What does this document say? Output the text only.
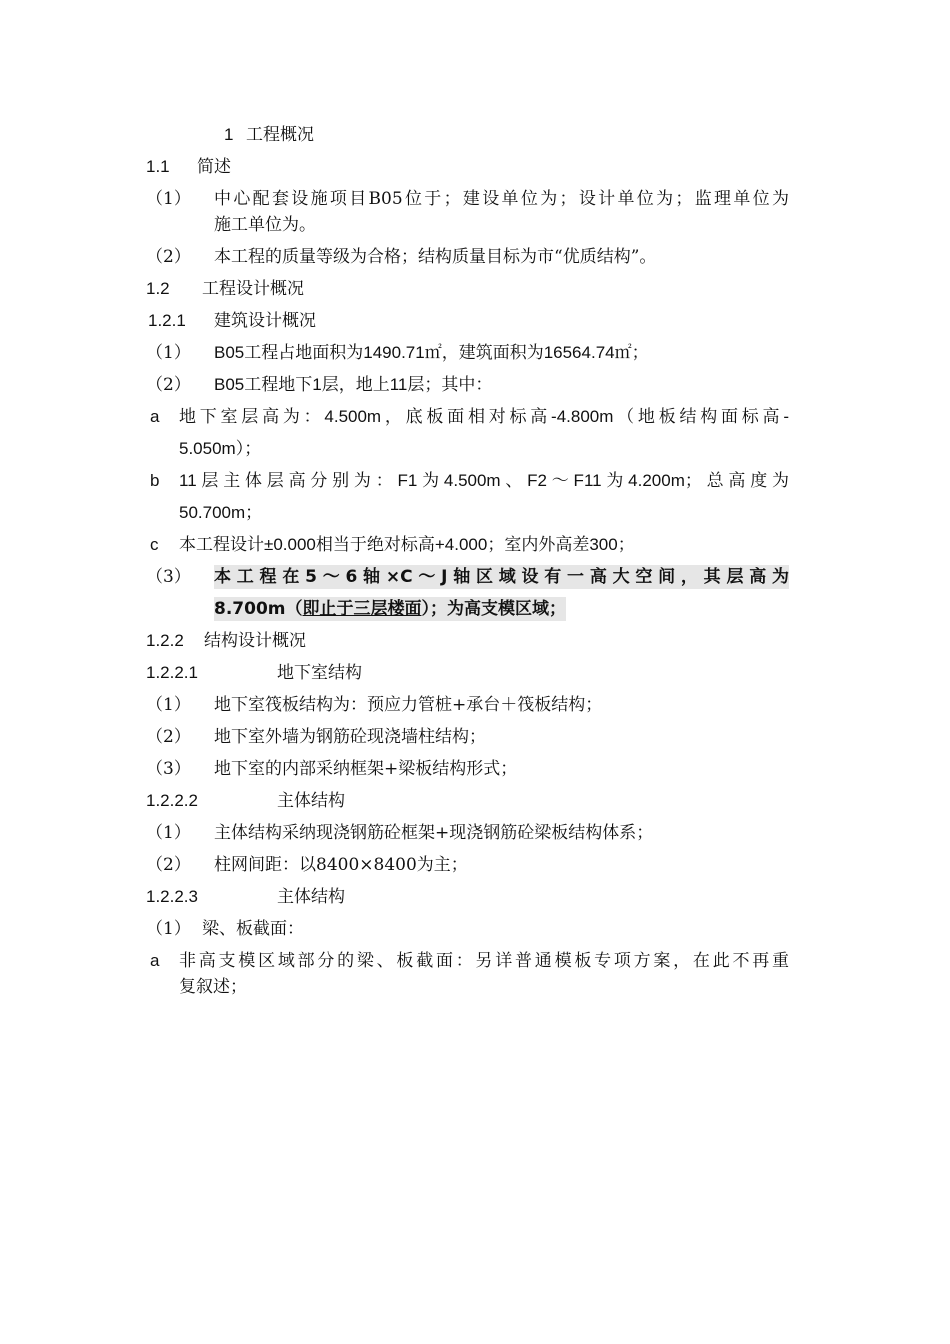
1 工程概况
1.1 简述
（1） 中心配套设施项目B05位于；建设单位为；设计单位为；监理单位为
施工单位为。
（2） 本工程的质量等级为合格；结构质量目标为市“优质结构”。
1.2 工程设计概况
1.2.1 建筑设计概况
（1） B05工程占地面积为1490.71㎡，建筑面积为16564.74㎡；
（2） B05工程地下1层，地上11层；其中：
a 地下室层高为：4.500m，底板面相对标高-4.800m（地板结构面标高-
5.050m）；
b 11层主体层高分别为：F1为4.500m、F2～F11为4.200m；总高度为
50.700m；
c 本工程设计±0.000相当于绝对标高+4.000；室内外高差300；
（3） 本工程在5～6轴×C～J轴区域设有一高大空间，其层高为
8.700m（即止于三层楼面）；为高支模区域；
1.2.2 结构设计概况
1.2.2.1	地下室结构
（1） 地下室筏板结构为：预应力管桩+承台＋筏板结构；
（2） 地下室外墙为钢筋砼现浇墙柱结构；
（3） 地下室的内部采纳框架+梁板结构形式；
1.2.2.2	主体结构
（1） 主体结构采纳现浇钢筋砼框架+现浇钢筋砼梁板结构体系；
（2） 柱网间距：以8400×8400为主；
1.2.2.3	主体结构
（1） 梁、板截面：
a 非高支模区域部分的梁、板截面：另详普通模板专项方案，在此不再重
复叙述；
